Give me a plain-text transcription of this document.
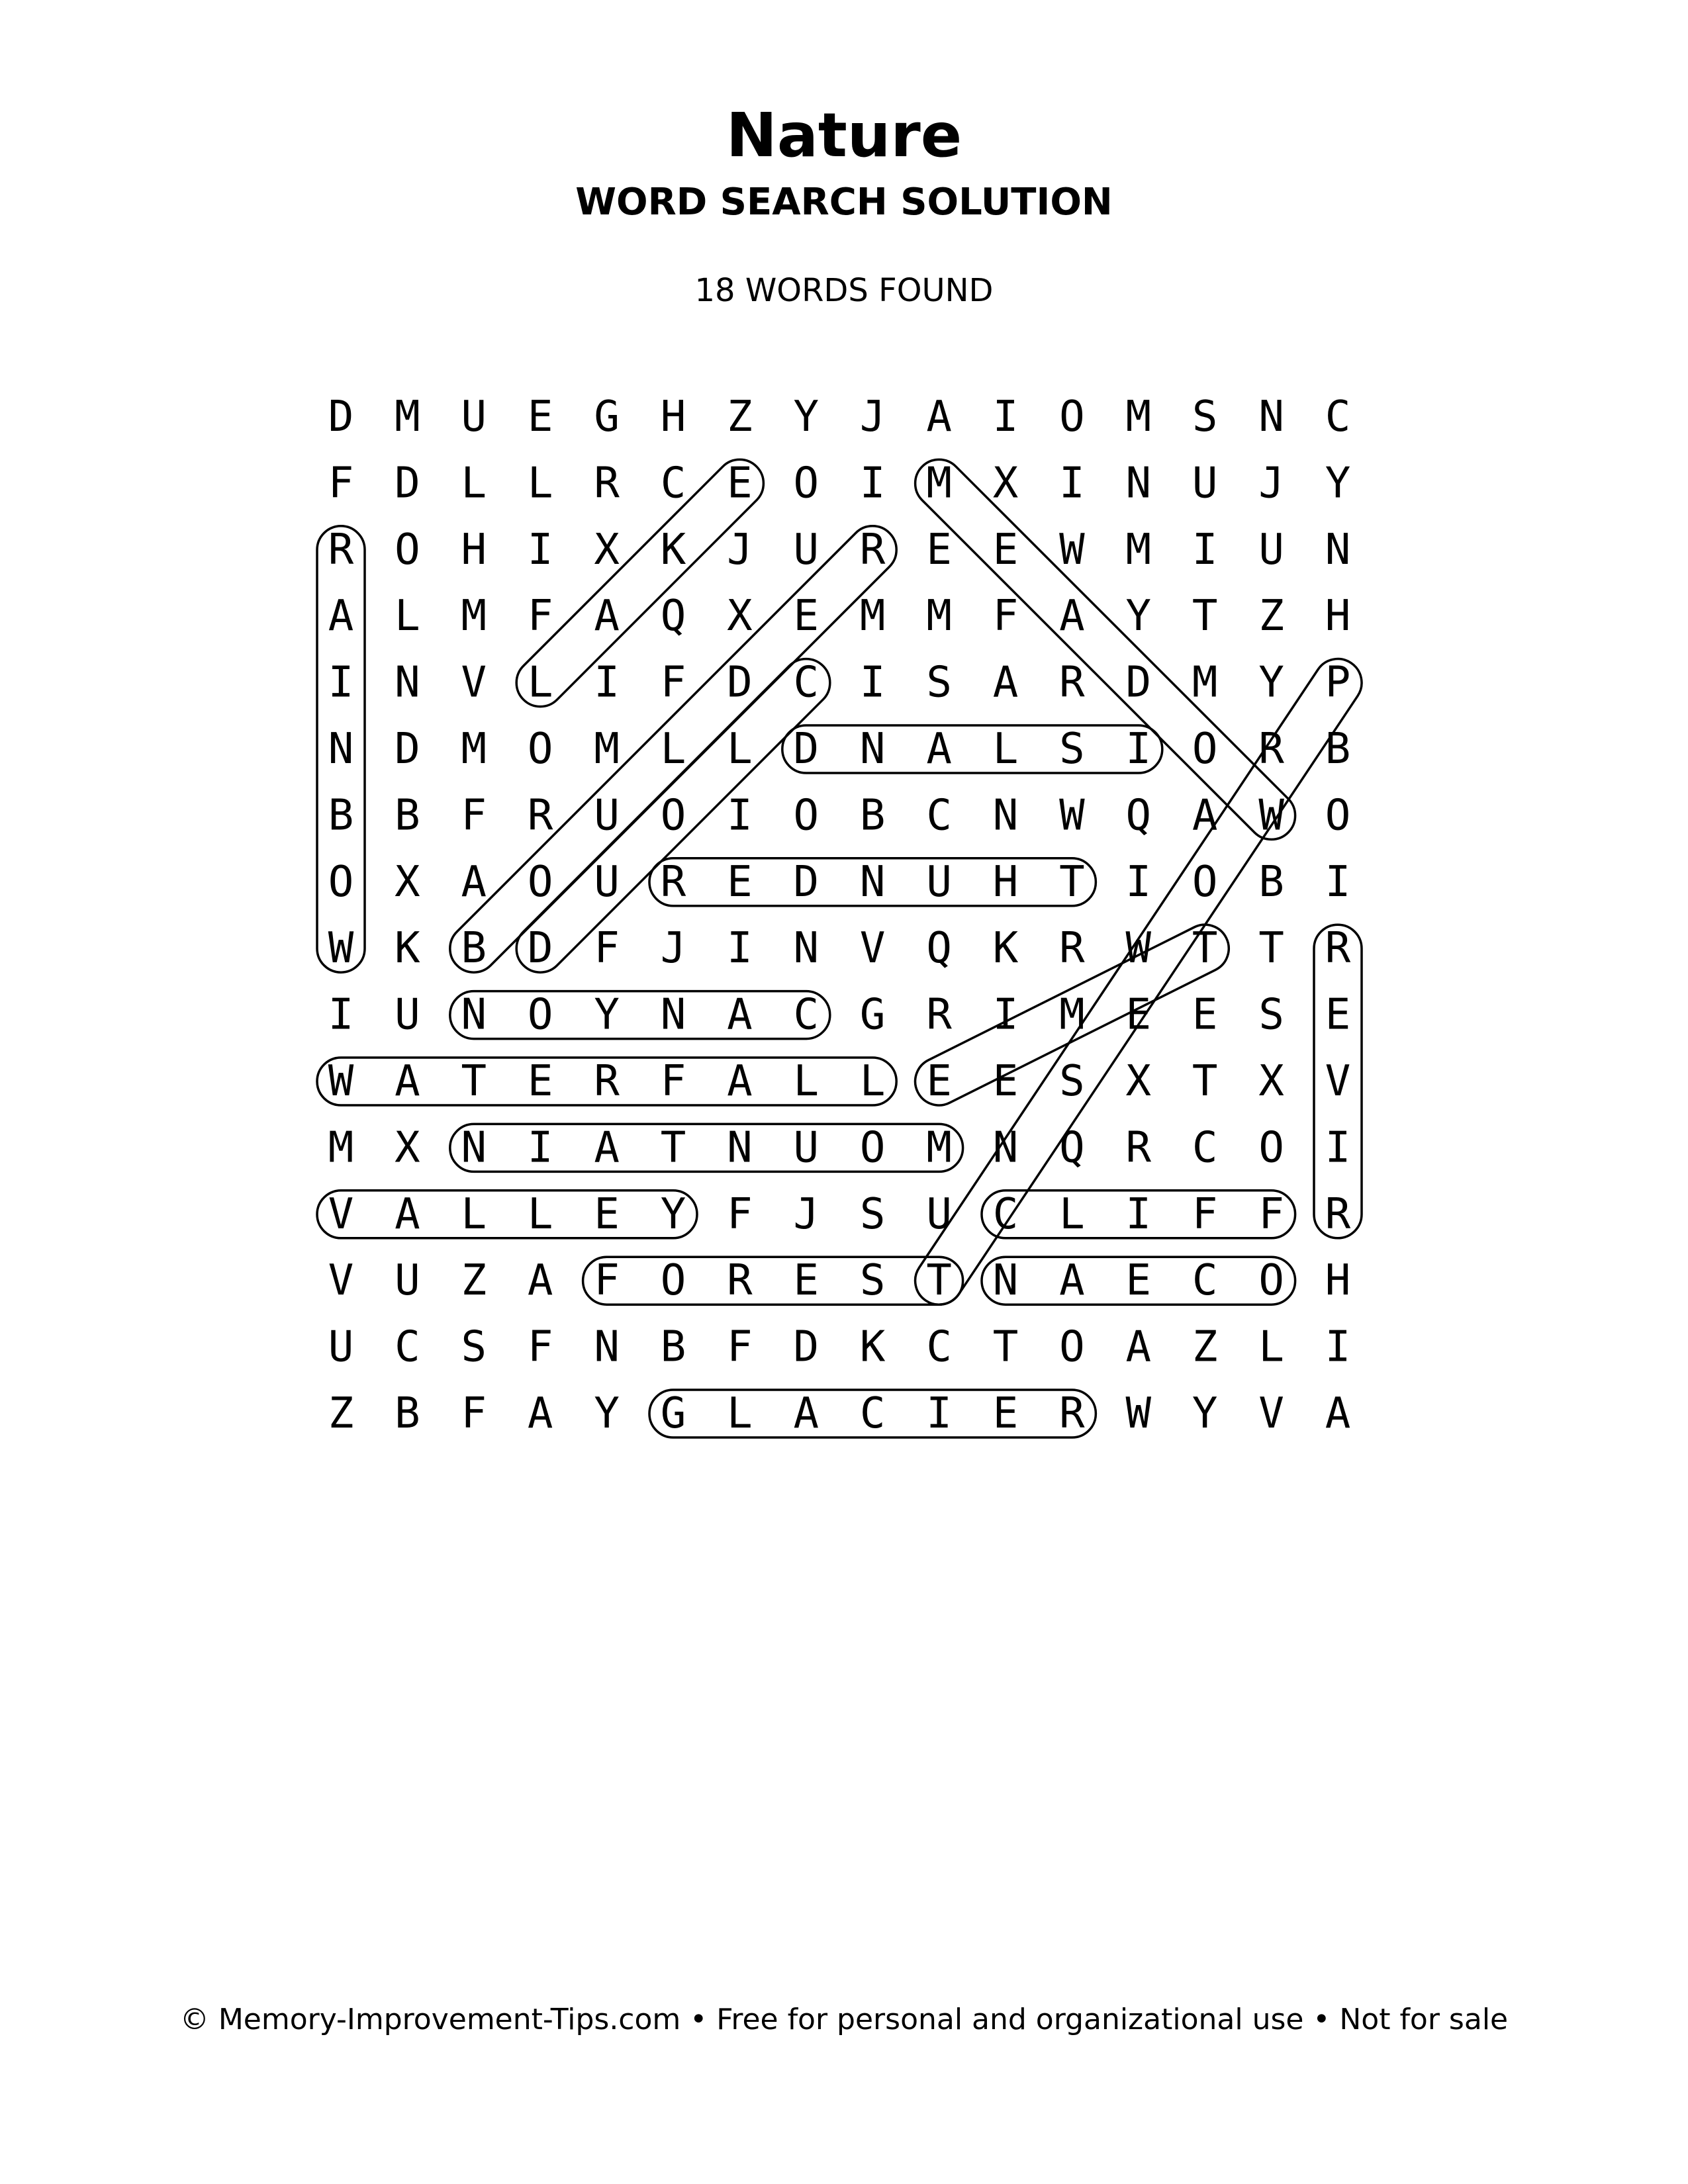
Nature
WORD SEARCH SOLUTION
18 WORDS FOUND
D M U E G H Z Y J A I O M S N C
F D L L R C E O I M X I N U J Y
R O H I X K J U R E E W M I U N
A L M F A Q X E M M F A Y T Z H
I N V L I F D C I S A R D M Y P
N D M O M L L D N A L S I O R B
B B F R U O I O B C N W Q A W O
O X A O U R E D N U H T I O B I
W K B D F J I N V Q K R W T T R
I U N O Y N A C G R I M E E S E
W A T E R F A L L E E S X T X V
M X N I A T N U O M N Q R C O I
V A L L E Y F J S U C L I F F R
V U Z A F O R E S T N A E C O H
U C S F N B F D K C T O A Z L I
Z B F A Y G L A C I E R W Y V A
© Memory-Improvement-Tips.com • Free for personal and organizational use • Not for sale
